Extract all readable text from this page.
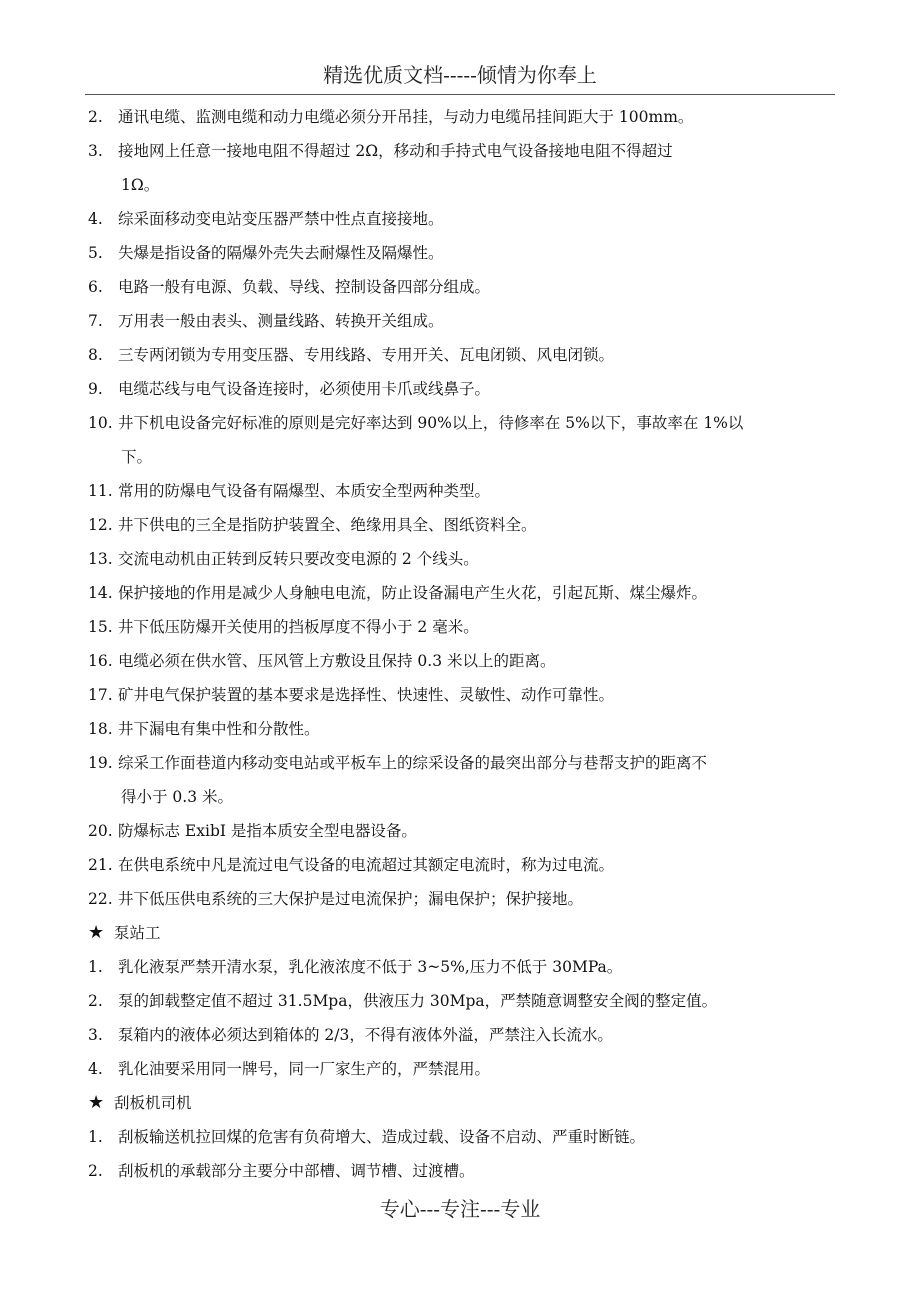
精选优质文档-----倾情为你奉上
2. 通讯电缆、监测电缆和动力电缆必须分开吊挂，与动力电缆吊挂间距大于 100mm。
3. 接地网上任意一接地电阻不得超过 2Ω，移动和手持式电气设备接地电阻不得超过
1Ω。
4. 综采面移动变电站变压器严禁中性点直接接地。
5. 失爆是指设备的隔爆外壳失去耐爆性及隔爆性。
6. 电路一般有电源、负载、导线、控制设备四部分组成。
7. 万用表一般由表头、测量线路、转换开关组成。
8. 三专两闭锁为专用变压器、专用线路、专用开关、瓦电闭锁、风电闭锁。
9. 电缆芯线与电气设备连接时，必须使用卡爪或线鼻子。
10. 井下机电设备完好标准的原则是完好率达到 90%以上，待修率在 5%以下，事故率在 1%以
下。
11. 常用的防爆电气设备有隔爆型、本质安全型两种类型。
12. 井下供电的三全是指防护装置全、绝缘用具全、图纸资料全。
13. 交流电动机由正转到反转只要改变电源的 2 个线头。
14. 保护接地的作用是减少人身触电电流，防止设备漏电产生火花，引起瓦斯、煤尘爆炸。
15. 井下低压防爆开关使用的挡板厚度不得小于 2 毫米。
16. 电缆必须在供水管、压风管上方敷设且保持 0.3 米以上的距离。
17. 矿井电气保护装置的基本要求是选择性、快速性、灵敏性、动作可靠性。
18. 井下漏电有集中性和分散性。
19. 综采工作面巷道内移动变电站或平板车上的综采设备的最突出部分与巷帮支护的距离不
得小于 0.3 米。
20. 防爆标志 ExibI 是指本质安全型电器设备。
21. 在供电系统中凡是流过电气设备的电流超过其额定电流时，称为过电流。
22. 井下低压供电系统的三大保护是过电流保护；漏电保护；保护接地。
★ 泵站工
1. 乳化液泵严禁开清水泵，乳化液浓度不低于 3~5%,压力不低于 30MPa。
2. 泵的卸载整定值不超过 31.5Mpa，供液压力 30Mpa，严禁随意调整安全阀的整定值。
3. 泵箱内的液体必须达到箱体的 2/3，不得有液体外溢，严禁注入长流水。
4. 乳化油要采用同一牌号，同一厂家生产的，严禁混用。
★ 刮板机司机
1. 刮板输送机拉回煤的危害有负荷增大、造成过载、设备不启动、严重时断链。
2. 刮板机的承载部分主要分中部槽、调节槽、过渡槽。
专心---专注---专业
